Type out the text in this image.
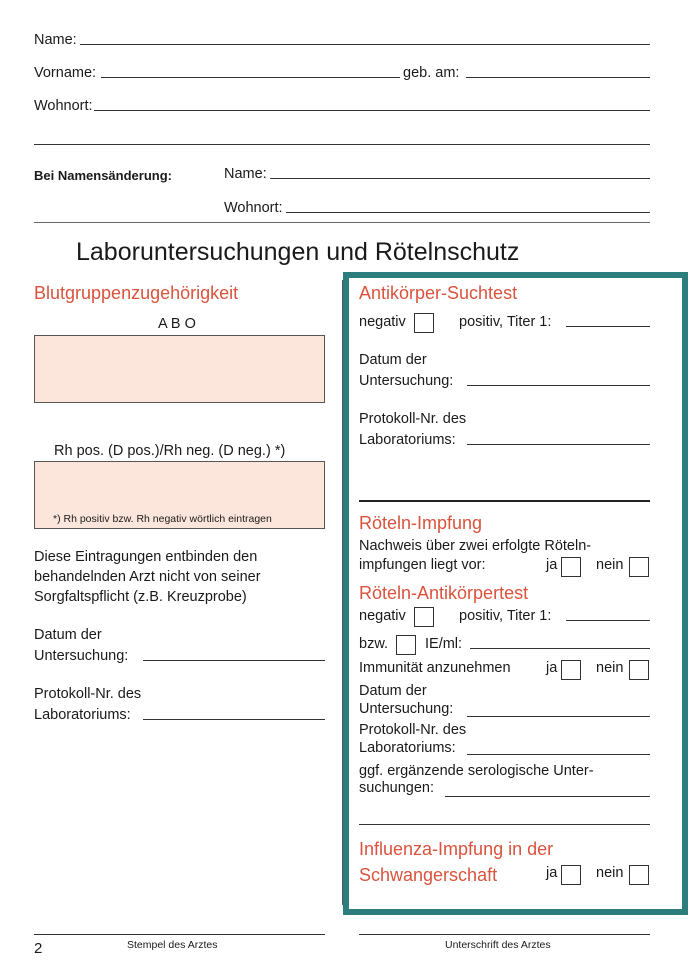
Name:
Vorname:	geb. am:
Wohnort:
Bei Namensänderung:	Name:
Wohnort:
Laboruntersuchungen und Rötelnschutz
Blutgruppenzugehörigkeit
A B O
Rh pos. (D pos.)/Rh neg. (D neg.) *)
*) Rh positiv bzw. Rh negativ wörtlich eintragen
Diese Eintragungen entbinden den
behandelnden Arzt nicht von seiner
Sorgfaltspflicht (z.B. Kreuzprobe)
Datum der
Untersuchung:
Protokoll-Nr. des
Laboratoriums:
Antikörper-Suchtest
negativ	positiv, Titer 1:
Datum der
Untersuchung:
Protokoll-Nr. des
Laboratoriums:
Röteln-Impfung
Nachweis über zwei erfolgte Röteln-
impfungen liegt vor:	ja	nein
Röteln-Antikörpertest
negativ	positiv, Titer 1:
bzw.	IE/ml:
Immunität anzunehmen ja	nein
Datum der
Untersuchung:
Protokoll-Nr. des
Laboratoriums:
ggf. ergänzende serologische Unter-
suchungen:
Influenza-Impfung in der
Schwangerschaft	ja	nein
2	Stempel des Arztes	Unterschrift des Arztes
